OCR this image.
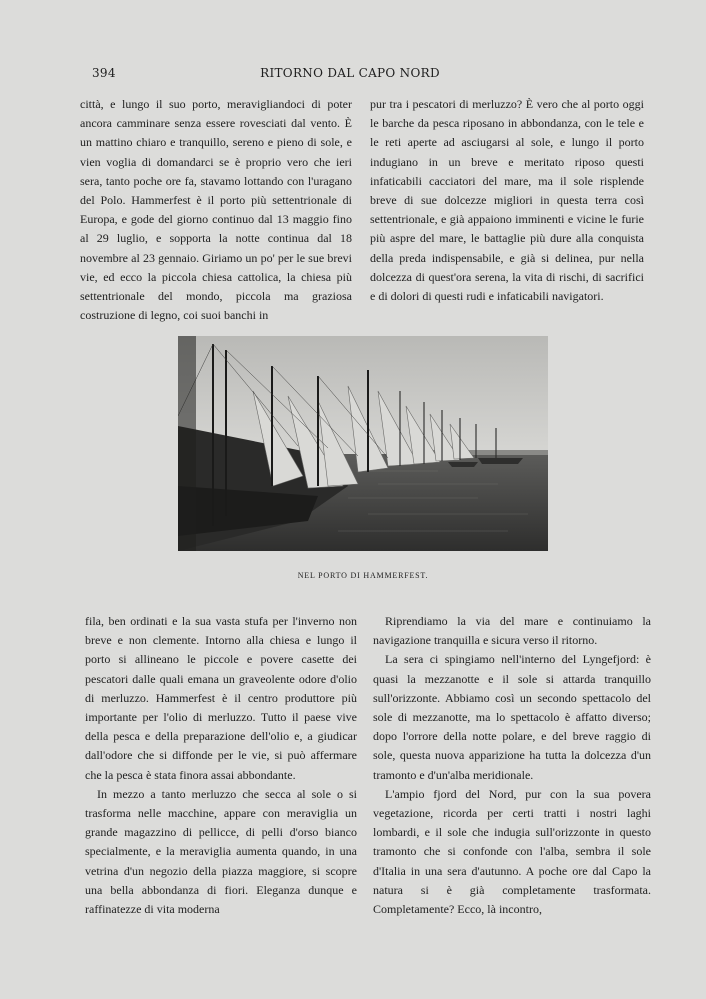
394	RITORNO DAL CAPO NORD

città, e lungo il suo porto, meravigliandoci di poter ancora camminare senza essere rovesciati dal vento. È un mattino chiaro e tranquillo, sereno e pieno di sole, e vien voglia di domandarci se è proprio vero che ieri sera, tanto poche ore fa, stavamo lottando con l'uragano del Polo. Hammerfest è il porto più settentrionale di Europa, e gode del giorno continuo dal 13 maggio fino al 29 luglio, e sopporta la notte continua dal 18 novembre al 23 gennaio. Giriamo un po' per le sue brevi vie, ed ecco la piccola chiesa cattolica, la chiesa più settentrionale del mondo, piccola ma graziosa costruzione di legno, coi suoi banchi in

pur tra i pescatori di merluzzo? È vero che al porto oggi le barche da pesca riposano in abbondanza, con le tele e le reti aperte ad asciugarsi al sole, e lungo il porto indugiano in un breve e meritato riposo questi infaticabili cacciatori del mare, ma il sole risplende breve di sue dolcezze migliori in questa terra così settentrionale, e già appaiono imminenti e vicine le furie più aspre del mare, le battaglie più dure alla conquista della preda indispensabile, e già si delinea, pur nella dolcezza di quest'ora serena, la vita di rischi, di sacrifici e di dolori di questi rudi e infaticabili navigatori.

NEL PORTO DI HAMMERFEST.

fila, ben ordinati e la sua vasta stufa per l'inverno non breve e non clemente. Intorno alla chiesa e lungo il porto si allineano le piccole e povere casette dei pescatori dalle quali emana un graveolente odore d'olio di merluzzo. Hammerfest è il centro produttore più importante per l'olio di merluzzo. Tutto il paese vive della pesca e della preparazione dell'olio e, a giudicar dall'odore che si diffonde per le vie, si può affermare che la pesca è stata finora assai abbondante.

In mezzo a tanto merluzzo che secca al sole o si trasforma nelle macchine, appare con meraviglia un grande magazzino di pellicce, di pelli d'orso bianco specialmente, e la meraviglia aumenta quando, in una vetrina d'un negozio della piazza maggiore, si scopre una bella abbondanza di fiori. Eleganza dunque e raffinatezze di vita moderna

Riprendiamo la via del mare e continuiamo la navigazione tranquilla e sicura verso il ritorno.

La sera ci spingiamo nell'interno del Lyngefjord: è quasi la mezzanotte e il sole si attarda tranquillo sull'orizzonte. Abbiamo così un secondo spettacolo del sole di mezzanotte, ma lo spettacolo è affatto diverso; dopo l'orrore della notte polare, e del breve raggio di sole, questa nuova apparizione ha tutta la dolcezza d'un tramonto e d'un'alba meridionale.

L'ampio fjord del Nord, pur con la sua povera vegetazione, ricorda per certi tratti i nostri laghi lombardi, e il sole che indugia sull'orizzonte in questo tramonto che si confonde con l'alba, sembra il sole d'Italia in una sera d'autunno. A poche ore dal Capo la natura si è già completamente trasformata. Completamente? Ecco, là incontro,
